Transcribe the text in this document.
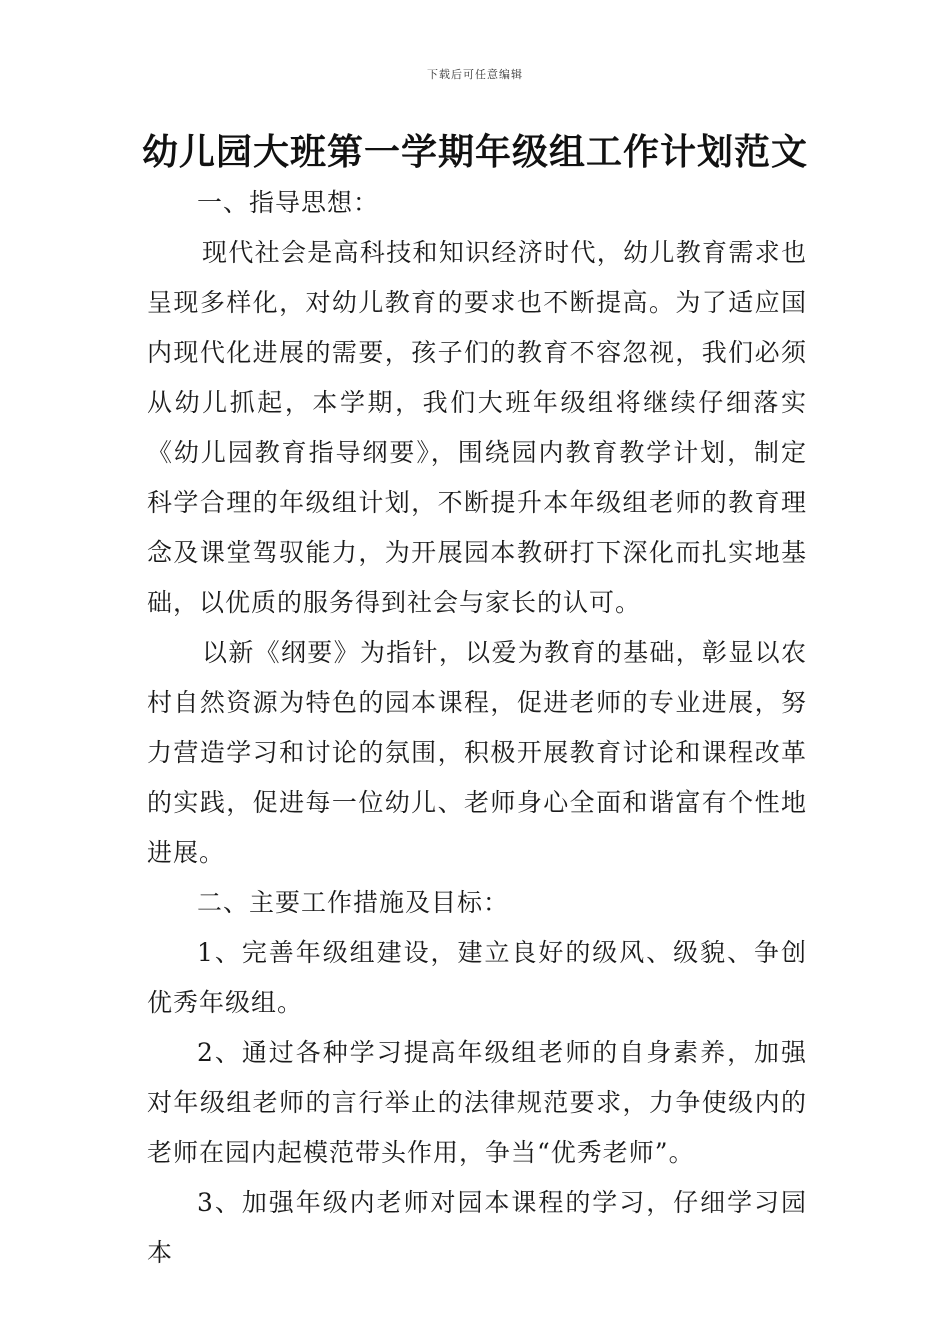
下载后可任意编辑
幼儿园大班第一学期年级组工作计划范文

一、指导思想：

现代社会是高科技和知识经济时代，幼儿教育需求也呈现多样化，对幼儿教育的要求也不断提高。为了适应国内现代化进展的需要，孩子们的教育不容忽视，我们必须从幼儿抓起，本学期，我们大班年级组将继续仔细落实《幼儿园教育指导纲要》，围绕园内教育教学计划，制定科学合理的年级组计划，不断提升本年级组老师的教育理念及课堂驾驭能力，为开展园本教研打下深化而扎实地基础，以优质的服务得到社会与家长的认可。

以新《纲要》为指针，以爱为教育的基础，彰显以农村自然资源为特色的园本课程，促进老师的专业进展，努力营造学习和讨论的氛围，积极开展教育讨论和课程改革的实践，促进每一位幼儿、老师身心全面和谐富有个性地进展。

二、主要工作措施及目标：

1、完善年级组建设，建立良好的级风、级貌、争创优秀年级组。

2、通过各种学习提高年级组老师的自身素养，加强对年级组老师的言行举止的法律规范要求，力争使级内的老师在园内起模范带头作用，争当“优秀老师”。

3、加强年级内老师对园本课程的学习，仔细学习园本
